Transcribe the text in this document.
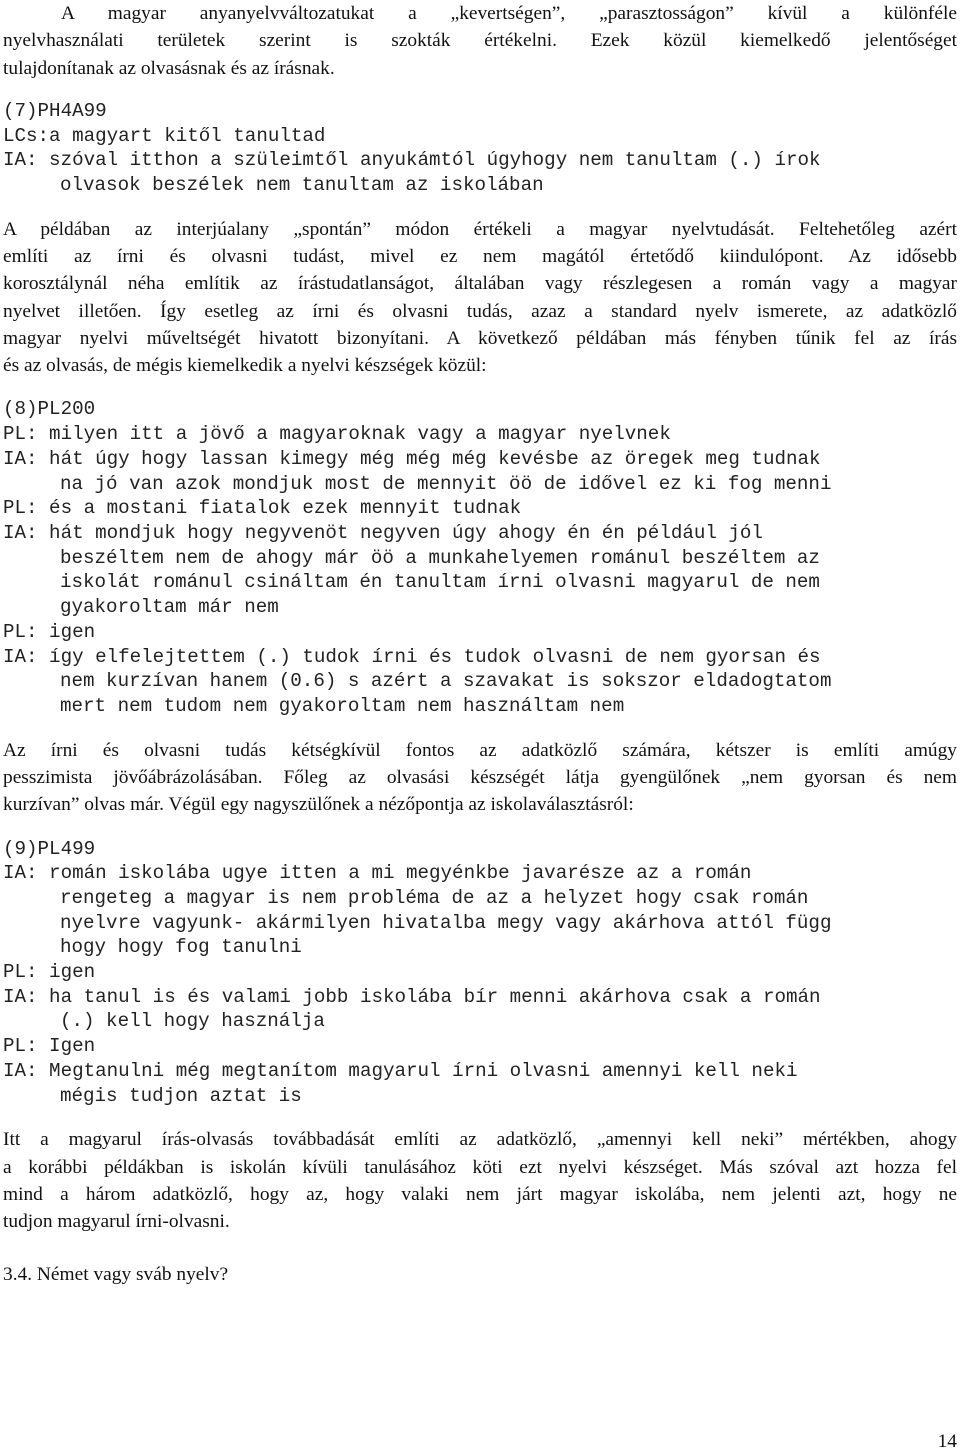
A magyar anyanyelvváltozatukat a „kevertségen”, „parasztosságon” kívül a különféle

nyelvhasználati területek szerint is szokták értékelni. Ezek közül kiemelkedő jelentőséget

tulajdonítanak az olvasásnak és az írásnak.

(7)PH4A99

LCs:a magyart kitől tanultad

IA: szóval itthon a szüleimtől anyukámtól úgyhogy nem tanultam (.) írok

olvasok beszélek nem tanultam az iskolában

A példában az interjúalany „spontán” módon értékeli a magyar nyelvtudását. Feltehetőleg azért

említi az írni és olvasni tudást, mivel ez nem magától értetődő kiindulópont. Az idősebb

korosztálynál néha említik az írástudatlanságot, általában vagy részlegesen a román vagy a magyar

nyelvet illetően. Így esetleg az írni és olvasni tudás, azaz a standard nyelv ismerete, az adatközlő

magyar nyelvi műveltségét hivatott bizonyítani. A következő példában más fényben tűnik fel az írás

és az olvasás, de mégis kiemelkedik a nyelvi készségek közül:

(8)PL200

PL: milyen itt a jövő a magyaroknak vagy a magyar nyelvnek

IA: hát úgy hogy lassan kimegy még még még kevésbe az öregek meg tudnak

na jó van azok mondjuk most de mennyit öö de idővel ez ki fog menni

PL: és a mostani fiatalok ezek mennyit tudnak

IA: hát mondjuk hogy negyvenöt negyven úgy ahogy én én például jól

beszéltem nem de ahogy már öö a munkahelyemen románul beszéltem az

iskolát románul csináltam én tanultam írni olvasni magyarul de nem

gyakoroltam már nem

PL: igen

IA: így elfelejtettem (.) tudok írni és tudok olvasni de nem gyorsan és

nem kurzívan hanem (0.6) s azért a szavakat is sokszor eldadogtatom

mert nem tudom nem gyakoroltam nem használtam nem

Az írni és olvasni tudás kétségkívül fontos az adatközlő számára, kétszer is említi amúgy

pesszimista jövőábrázolásában. Főleg az olvasási készségét látja gyengülőnek „nem gyorsan és nem

kurzívan” olvas már. Végül egy nagyszülőnek a nézőpontja az iskolaválasztásról:

(9)PL499

IA: román iskolába ugye itten a mi megyénkbe javarésze az a román

rengeteg a magyar is nem probléma de az a helyzet hogy csak román

nyelvre vagyunk- akármilyen hivatalba megy vagy akárhova attól függ

hogy hogy fog tanulni

PL: igen

IA: ha tanul is és valami jobb iskolába bír menni akárhova csak a román

(.) kell hogy használja

PL: Igen

IA: Megtanulni még megtanítom magyarul írni olvasni amennyi kell neki

mégis tudjon aztat is

Itt a magyarul írás-olvasás továbbadását említi az adatközlő, „amennyi kell neki” mértékben, ahogy

a korábbi példákban is iskolán kívüli tanulásához köti ezt nyelvi készséget. Más szóval azt hozza fel

mind a három adatközlő, hogy az, hogy valaki nem járt magyar iskolába, nem jelenti azt, hogy ne

tudjon magyarul írni-olvasni.

3.4. Német vagy sváb nyelv?

14
